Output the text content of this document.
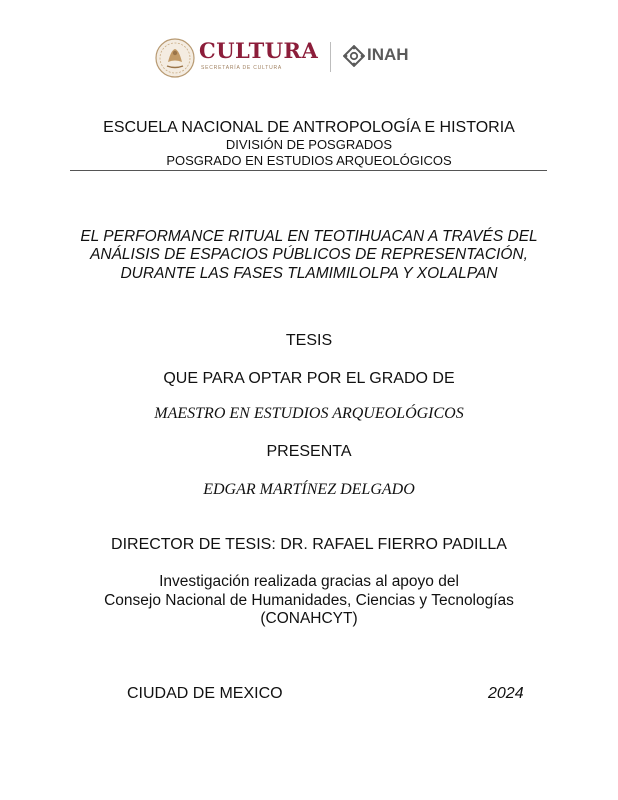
CULTURA
SECRETARÍA DE CULTURA
INAH
ESCUELA NACIONAL DE ANTROPOLOGÍA E HISTORIA
DIVISIÓN DE POSGRADOS
POSGRADO EN ESTUDIOS ARQUEOLÓGICOS
EL PERFORMANCE RITUAL EN TEOTIHUACAN A TRAVÉS DEL ANÁLISIS DE ESPACIOS PÚBLICOS DE REPRESENTACIÓN, DURANTE LAS FASES TLAMIMILOLPA Y XOLALPAN
TESIS
QUE PARA OPTAR POR EL GRADO DE
MAESTRO EN ESTUDIOS ARQUEOLÓGICOS
PRESENTA
EDGAR MARTÍNEZ DELGADO
DIRECTOR DE TESIS: DR. RAFAEL FIERRO PADILLA
Investigación realizada gracias al apoyo del
Consejo Nacional de Humanidades, Ciencias y Tecnologías
(CONAHCYT)
CIUDAD DE MEXICO	2024
